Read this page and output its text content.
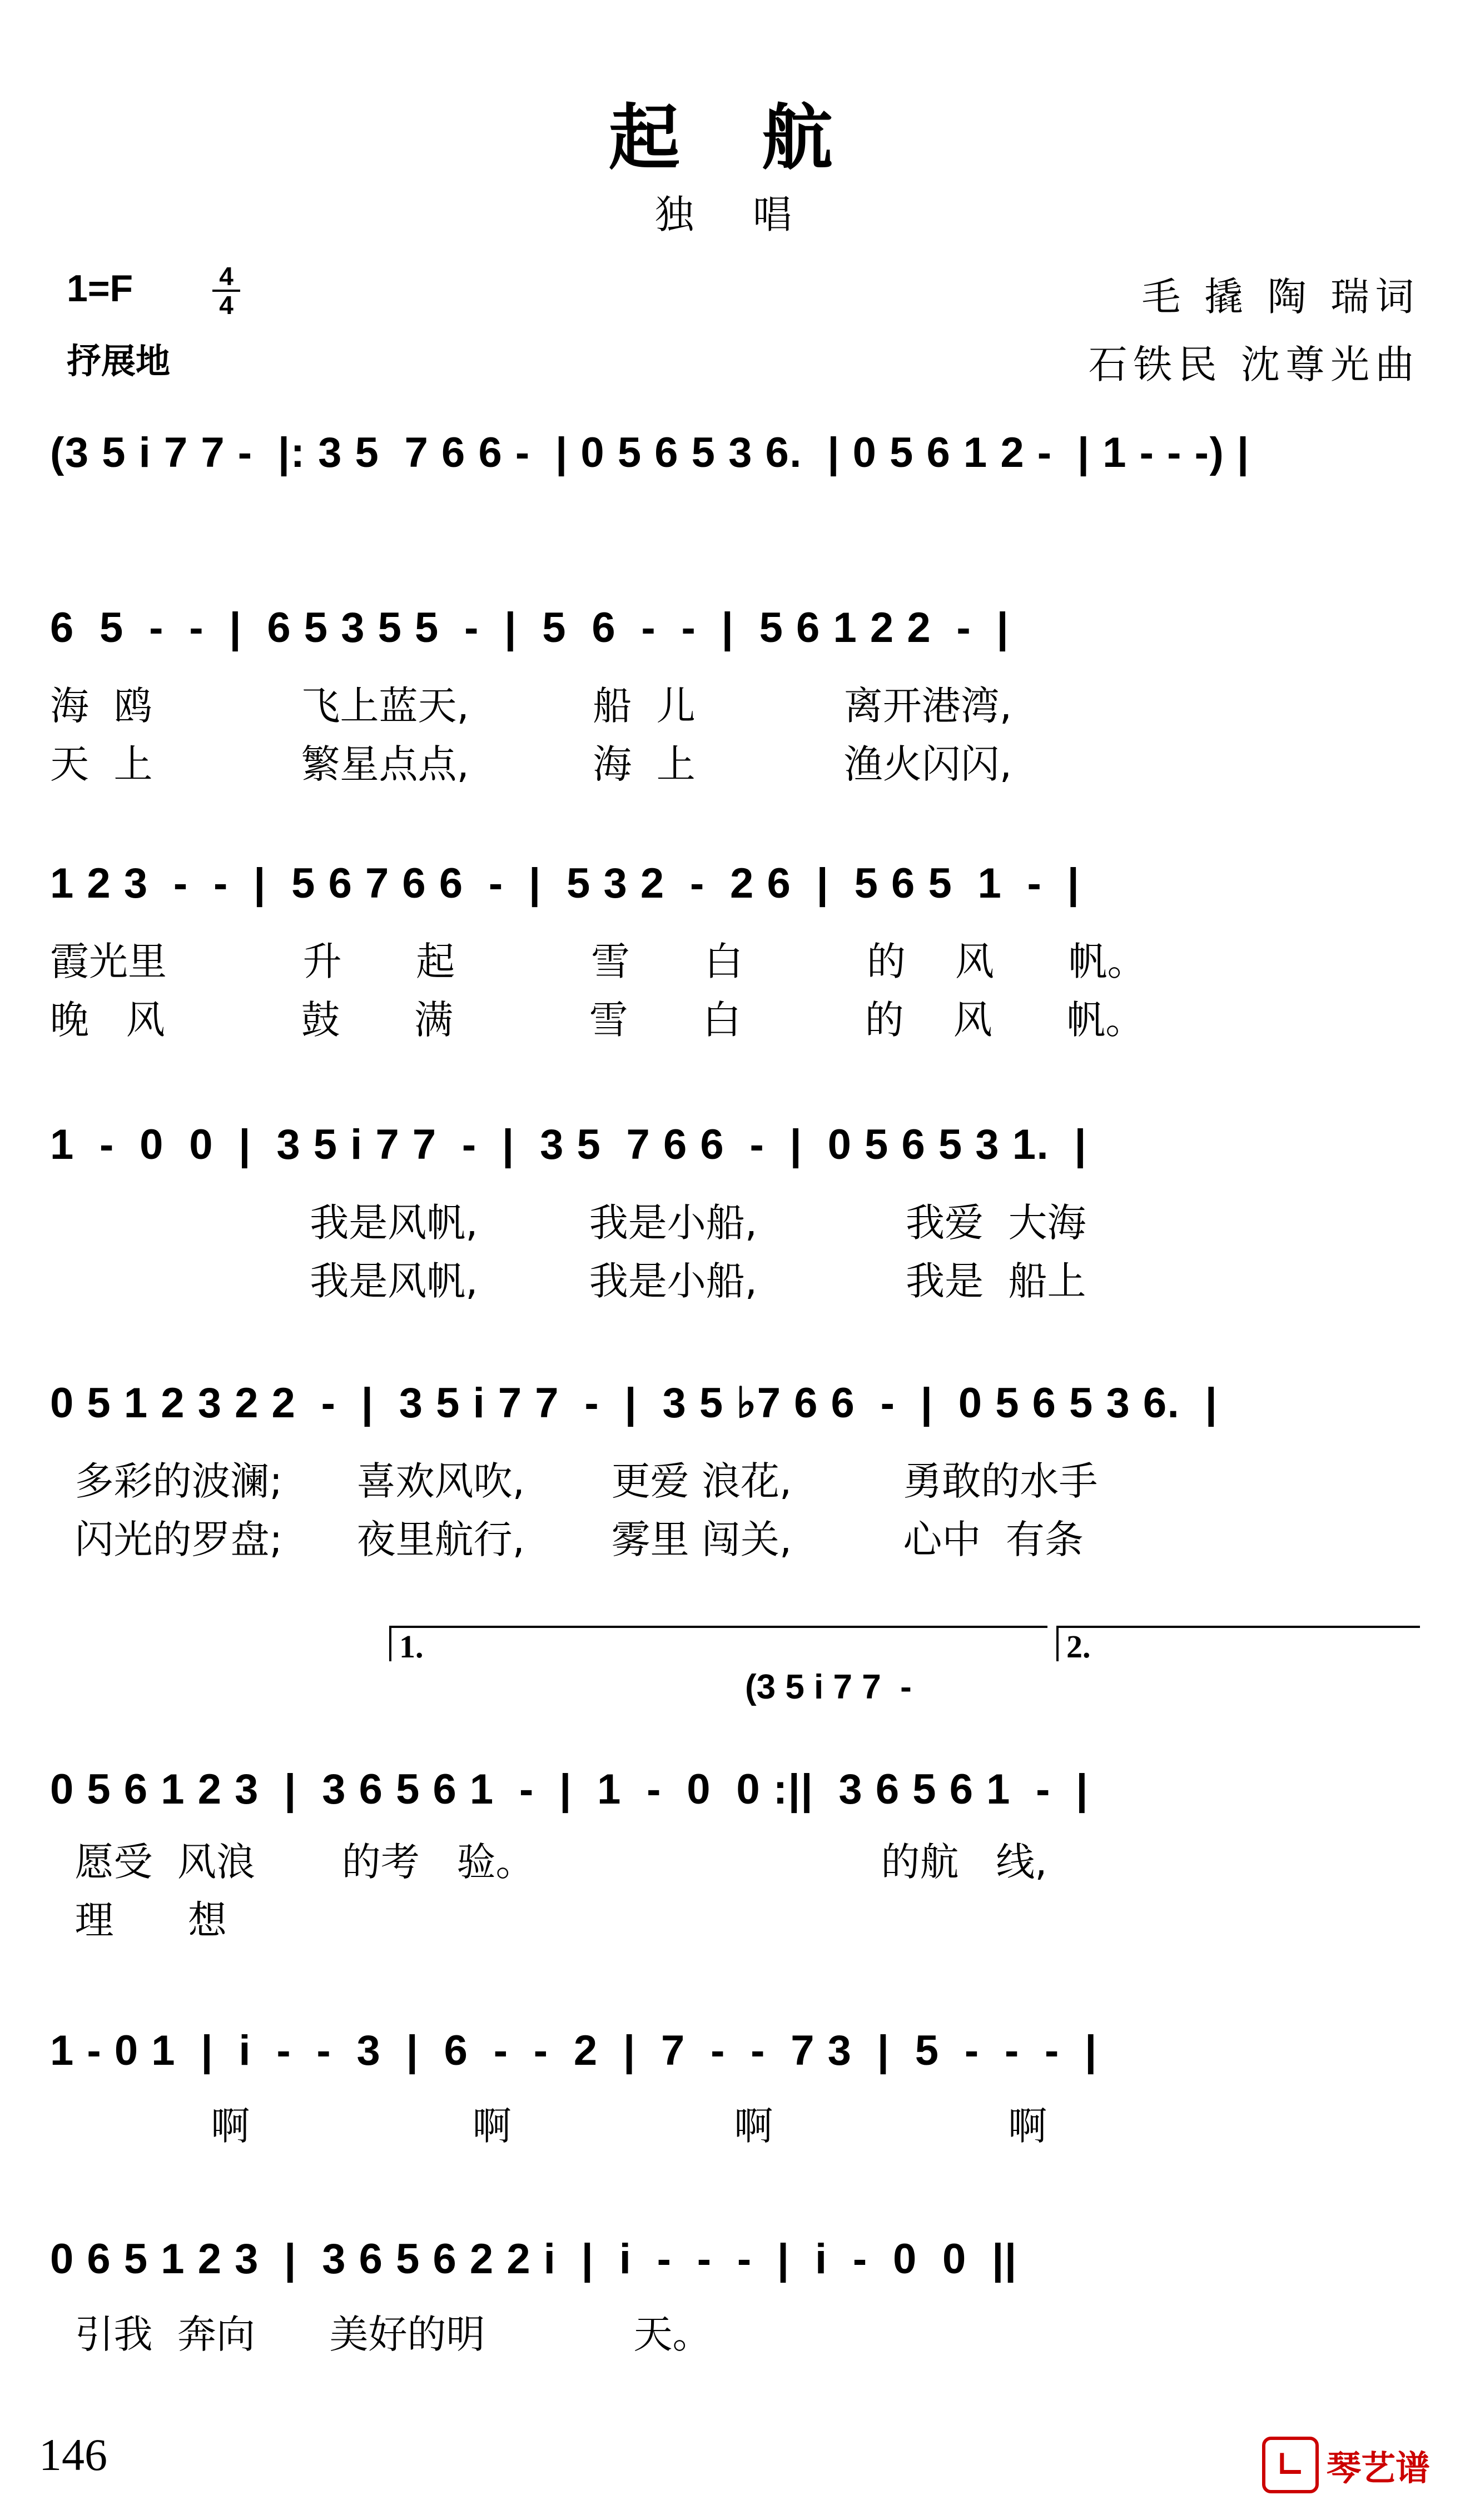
起 航
独 唱
1=F	4
4
抒展地
毛 撬 陶 瑞词
石铁民 沈尊光曲
(3 5 i 7 7 -  |: 3 5  7 6 6 -  | 0 5 6 5 3 6.  | 0 5 6 1 2 -  | 1 - - -) |
6  5  -  -  |  6 5 3 5 5  -  |  5  6  -  -  |  5 6 1 2 2  -  |
海  鸥            飞上蓝天,          船  儿            离开港湾,
天  上            繁星点点,          海  上            渔火闪闪,
1 2 3  -  -  |  5 6 7 6 6  -  |  5 3 2  -  2 6  |  5 6 5  1  -  |
霞光里           升      起           雪      白          的    风      帆。
晚   风           鼓      满           雪      白          的    风      帆。
1  -  0  0  |  3 5 i 7 7  -  |  3 5  7 6 6  -  |  0 5 6 5 3 1.  |
我是风帆,         我是小船,            我爱  大海
我是风帆,         我是小船,            我是  船上
0 5 1 2 3 2 2  -  |  3 5 i 7 7  -  |  3 5 ♭7 6 6  -  |  0 5 6 5 3 6.  |
多彩的波澜;      喜欢风吹,       更爱 浪花,         勇敢的水手
闪光的罗盘;      夜里航行,       雾里 闯关,         心中  有条
1.	2.
(3 5 i 7 7  -
0 5 6 1 2 3  |  3 6 5 6 1  -  |  1  -  0  0 :||  3 6 5 6 1  -  |
愿受  风浪       的考   验。                            的航   线,
理      想
1 - 0 1  |  i  -  -  3  |  6  -  -  2  |  7  -  -  7 3  |  5  -  -  -  |
啊                  啊                  啊                   啊
0 6 5 1 2 3  |  3 6 5 6 2 2 i  |  i  -  -  -  |  i  -  0  0  ||
引我  奔向      美好的明            天。
146	∟ 琴艺谱
